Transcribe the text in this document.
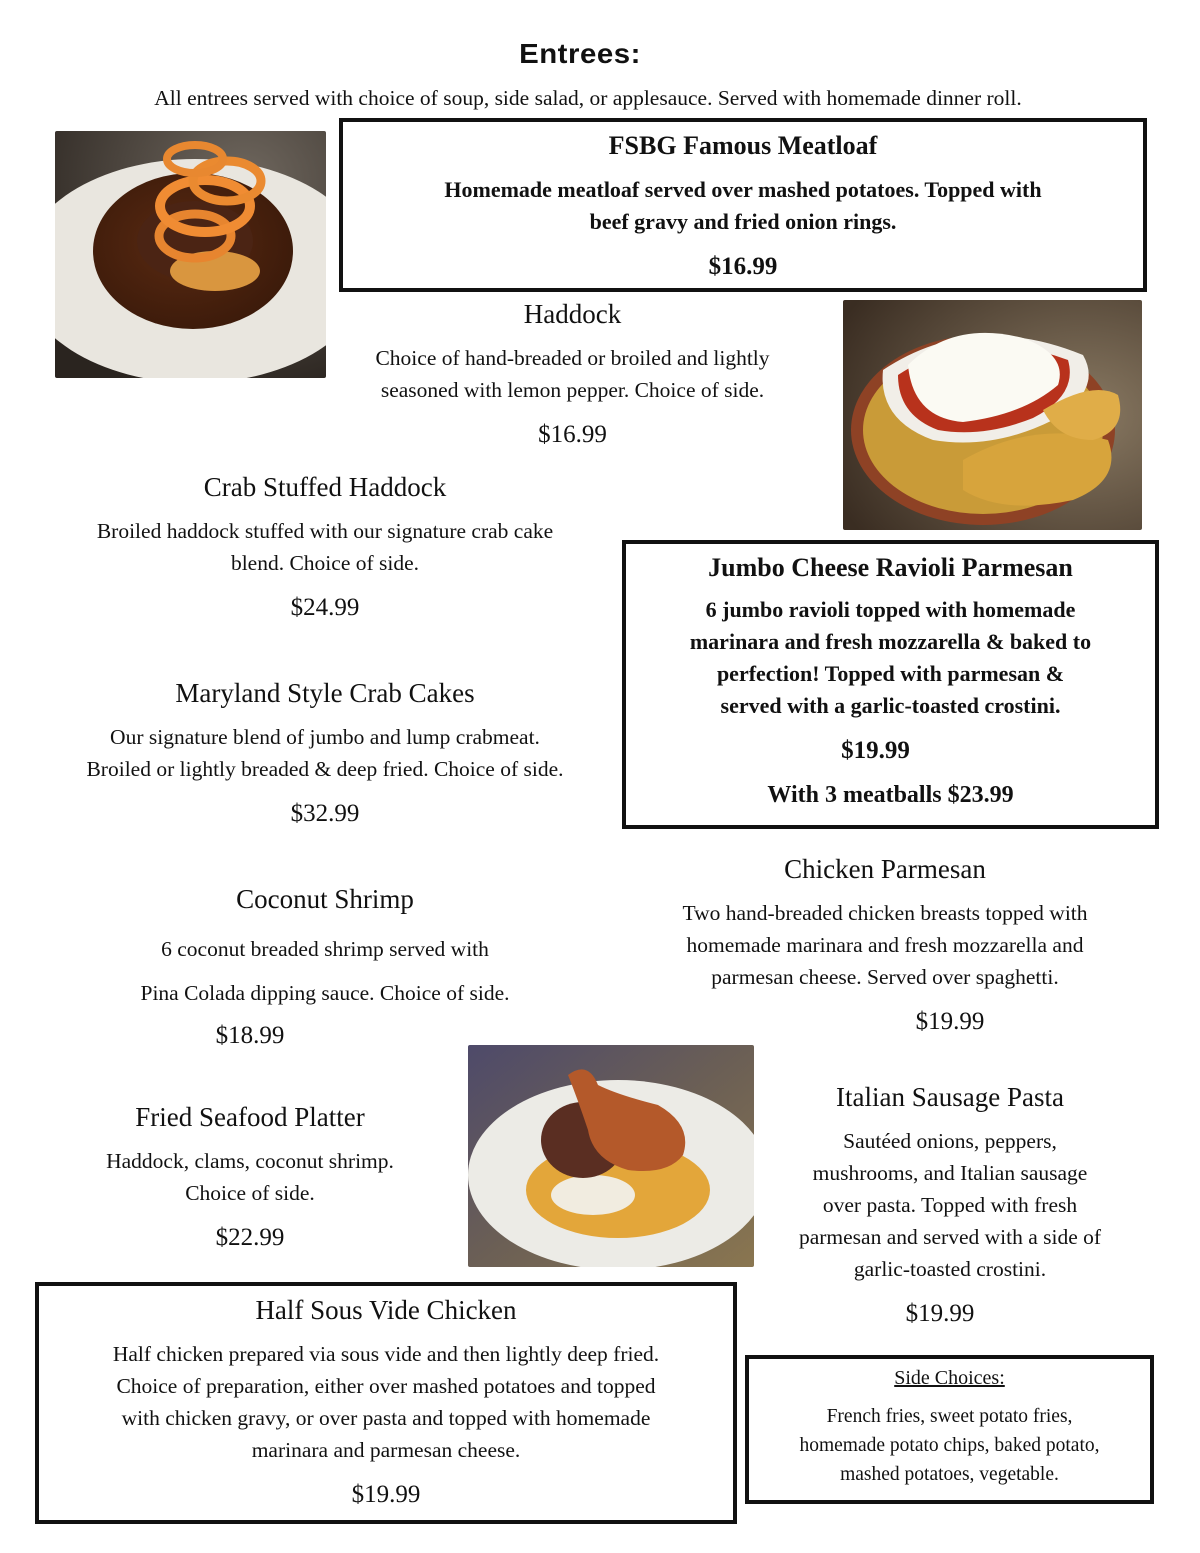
Entrees:
All entrees served with choice of soup, side salad, or applesauce. Served with homemade dinner roll.
FSBG Famous Meatloaf
Homemade meatloaf served over mashed potatoes. Topped with
beef gravy and fried onion rings.
$16.99
Haddock
Choice of hand-breaded or broiled and lightly
seasoned with lemon pepper. Choice of side.
$16.99
Crab Stuffed Haddock
Broiled haddock stuffed with our signature crab cake
blend. Choice of side.
$24.99
Jumbo Cheese Ravioli Parmesan
6 jumbo ravioli topped with homemade
marinara and fresh mozzarella & baked to
perfection! Topped with parmesan &
served with a garlic-toasted crostini.
$19.99
With 3 meatballs $23.99
Maryland Style Crab Cakes
Our signature blend of jumbo and lump crabmeat.
Broiled or lightly breaded & deep fried. Choice of side.
$32.99
Chicken Parmesan
Two hand-breaded chicken breasts topped with
homemade marinara and fresh mozzarella and
parmesan cheese. Served over spaghetti.
$19.99
Coconut Shrimp
6 coconut breaded shrimp served with
Pina Colada dipping sauce. Choice of side.
$18.99
Italian Sausage Pasta
Sautéed onions, peppers,
mushrooms, and Italian sausage
over pasta. Topped with fresh
parmesan and served with a side of
garlic-toasted crostini.
$19.99
Fried Seafood Platter
Haddock, clams, coconut shrimp.
Choice of side.
$22.99
Half Sous Vide Chicken
Half chicken prepared via sous vide and then lightly deep fried.
Choice of preparation, either over mashed potatoes and topped
with chicken gravy, or over pasta and topped with homemade
marinara and parmesan cheese.
$19.99
Side Choices:
French fries, sweet potato fries,
homemade potato chips, baked potato,
mashed potatoes, vegetable.
